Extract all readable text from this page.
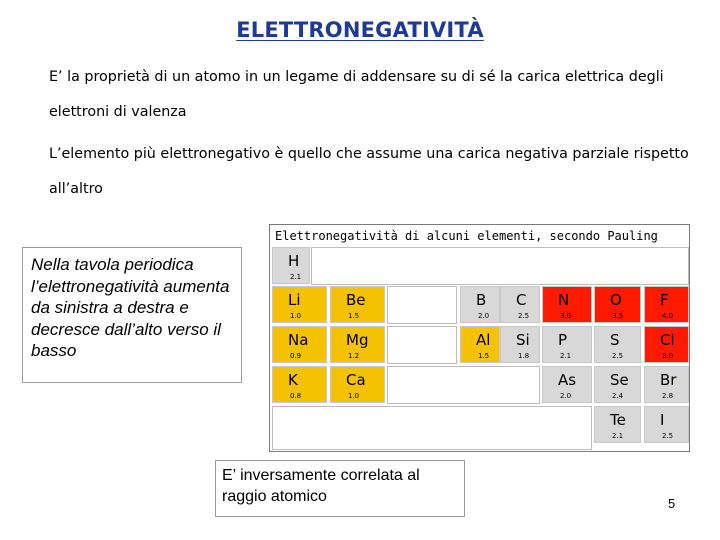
ELETTRONEGATIVITÀ
E’ la proprietà di un atomo in un legame di addensare su di sé la carica elettrica degli elettroni di valenza
L’elemento più elettronegativo è quello che assume una carica negativa parziale rispetto all’altro
Nella tavola periodica l’elettronegatività aumenta da sinistra a destra e decresce dall’alto verso il basso
Elettronegatività di alcuni elementi, secondo Pauling
H
2.1
Li
1.0
Be
1.5
B
2.0
C
2.5
N
3.0
O
3.5
F
4.0
Na
0.9
Mg
1.2
Al
1.5
Si
1.8
P
2.1
S
2.5
Cl
3.0
K
0.8
Ca
1.0
As
2.0
Se
2.4
Br
2.8
Te
2.1
I
2.5
E’ inversamente correlata al raggio atomico	5
